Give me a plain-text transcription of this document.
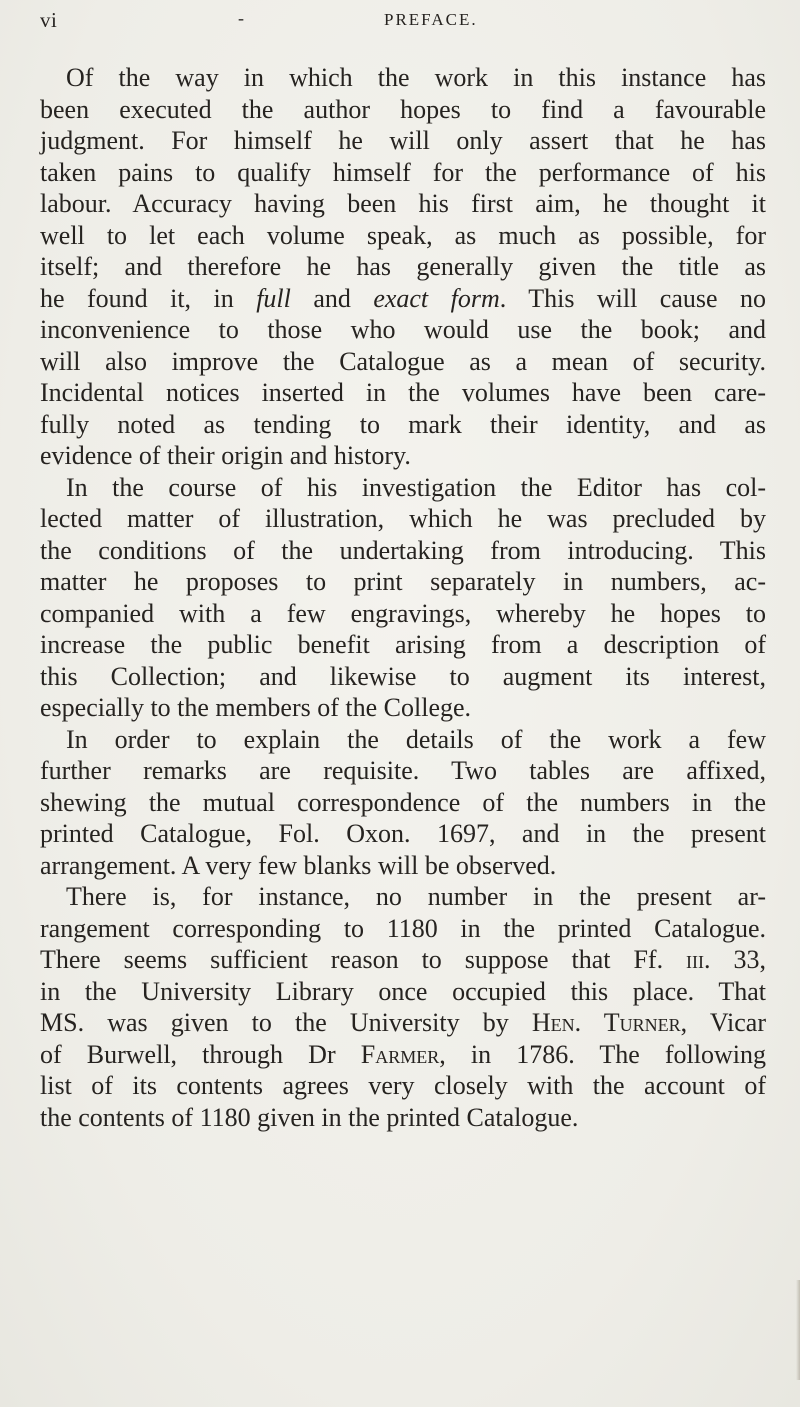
vi	-	PREFACE.
Of the way in which the work in this instance has
been executed the author hopes to find a favourable
judgment. For himself he will only assert that he has
taken pains to qualify himself for the performance of his
labour. Accuracy having been his first aim, he thought it
well to let each volume speak, as much as possible, for
itself; and therefore he has generally given the title as
he found it, in full and exact form. This will cause no
inconvenience to those who would use the book; and
will also improve the Catalogue as a mean of security.
Incidental notices inserted in the volumes have been care-
fully noted as tending to mark their identity, and as
evidence of their origin and history.
In the course of his investigation the Editor has col-
lected matter of illustration, which he was precluded by
the conditions of the undertaking from introducing. This
matter he proposes to print separately in numbers, ac-
companied with a few engravings, whereby he hopes to
increase the public benefit arising from a description of
this Collection; and likewise to augment its interest,
especially to the members of the College.
In order to explain the details of the work a few
further remarks are requisite. Two tables are affixed,
shewing the mutual correspondence of the numbers in the
printed Catalogue, Fol. Oxon. 1697, and in the present
arrangement. A very few blanks will be observed.
There is, for instance, no number in the present ar-
rangement corresponding to 1180 in the printed Catalogue.
There seems sufficient reason to suppose that Ff. iii. 33,
in the University Library once occupied this place. That
MS. was given to the University by Hen. Turner, Vicar
of Burwell, through Dr Farmer, in 1786. The following
list of its contents agrees very closely with the account of
the contents of 1180 given in the printed Catalogue.
